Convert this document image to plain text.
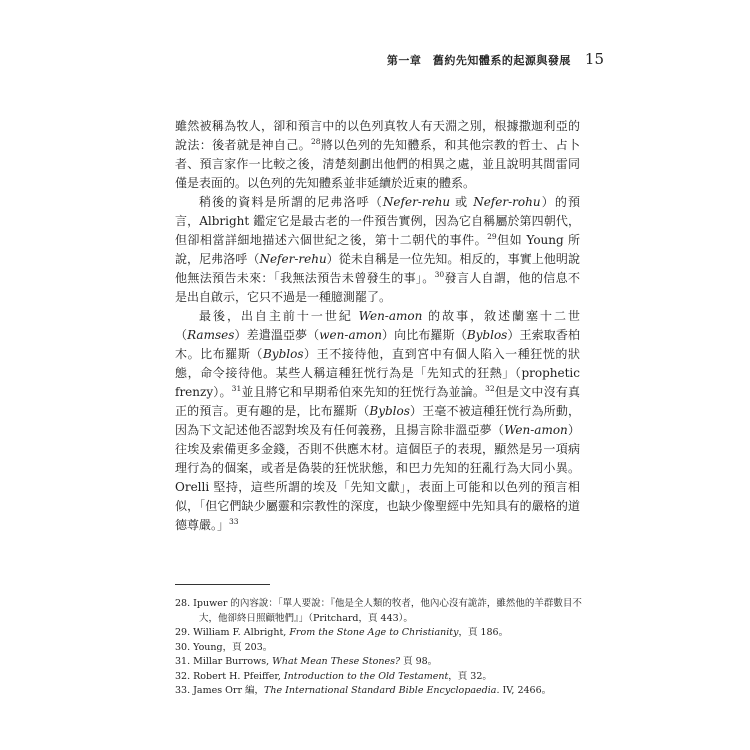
第一章　舊約先知體系的起源與發展 15

雖然被稱為牧人，卻和預言中的以色列真牧人有天淵之別，根據撒迦利亞的說法：後者就是神自己。$^{28}$將以色列的先知體系，和其他宗教的哲士、占卜者、預言家作一比較之後，清楚刻劃出他們的相異之處，並且說明其間雷同僅是表面的。以色列的先知體系並非延續於近東的體系。

稍後的資料是所謂的尼弗洛呼（Nefer-rehu 或 Nefer-rohu）的預言，Albright 鑑定它是最古老的一件預告實例，因為它自稱屬於第四朝代，但卻相當詳細地描述六個世紀之後，第十二朝代的事件。$^{29}$但如 Young 所說，尼弗洛呼（Nefer-rehu）從未自稱是一位先知。相反的，事實上他明說他無法預告未來：「我無法預告未曾發生的事」。$^{30}$發言人自謂，他的信息不是出自啟示，它只不過是一種臆測罷了。

最後，出自主前十一世紀 Wen-amon 的故事，敘述蘭塞十二世（Ramses）差遣溫亞夢（wen-amon）向比布羅斯（Byblos）王索取香柏木。比布羅斯（Byblos）王不接待他，直到宮中有個人陷入一種狂恍的狀態，命令接待他。某些人稱這種狂恍行為是「先知式的狂熱」（prophetic frenzy）。$^{31}$並且將它和早期希伯來先知的狂恍行為並論。$^{32}$但是文中沒有真正的預言。更有趣的是，比布羅斯（Byblos）王毫不被這種狂恍行為所動，因為下文記述他否認對埃及有任何義務，且揚言除非溫亞夢（Wen-amon）往埃及索備更多金錢，否則不供應木材。這個臣子的表現，顯然是另一項病理行為的個案，或者是偽裝的狂恍狀態，和巴力先知的狂亂行為大同小異。Orelli 堅持，這些所謂的埃及「先知文獻」，表面上可能和以色列的預言相似，「但它們缺少屬靈和宗教性的深度，也缺少像聖經中先知具有的嚴格的道德尊嚴。」$^{33}$

28. Ipuwer 的內容說：「單人要說：『他是全人類的牧者，他內心沒有詭詐，雖然他的羊群數目不大，他卻終日照顧牠們』」（Pritchard，頁 443）。

29. William F. Albright, From the Stone Age to Christianity，頁 186。

30. Young，頁 203。

31. Millar Burrows, What Mean These Stones? 頁 98。

32. Robert H. Pfeiffer, Introduction to the Old Testament，頁 32。

33. James Orr 編，The International Standard Bible Encyclopaedia. IV, 2466。
